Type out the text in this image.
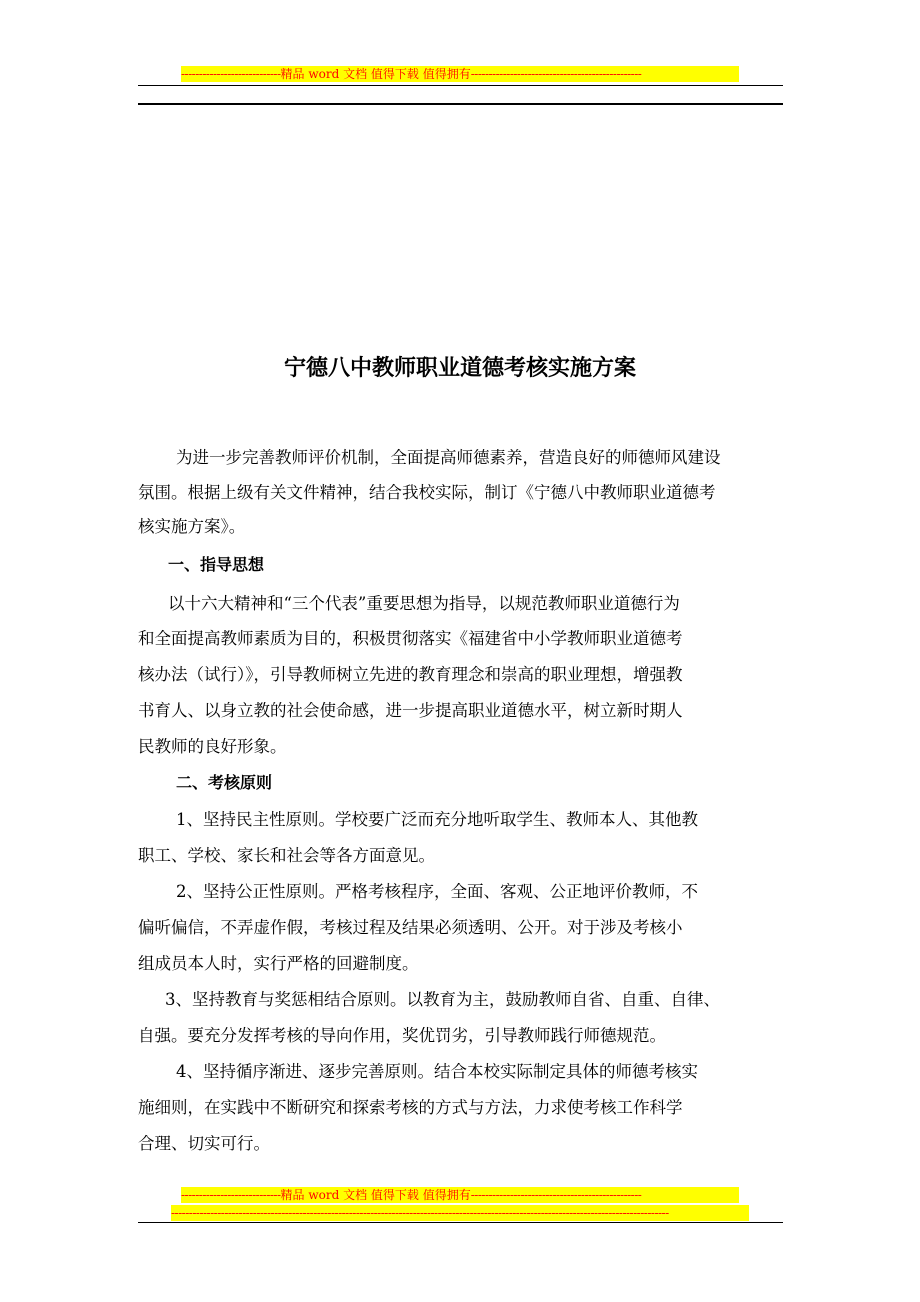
----------------------------精品 word 文档 值得下载 值得拥有------------------------------------------------
宁德八中教师职业道德考核实施方案
为进一步完善教师评价机制，全面提高师德素养，营造良好的师德师风建设
氛围。根据上级有关文件精神，结合我校实际，制订《宁德八中教师职业道德考
核实施方案》。
一、指导思想
以十六大精神和“三个代表”重要思想为指导，以规范教师职业道德行为
和全面提高教师素质为目的，积极贯彻落实《福建省中小学教师职业道德考
核办法（试行）》，引导教师树立先进的教育理念和崇高的职业理想，增强教
书育人、以身立教的社会使命感，进一步提高职业道德水平，树立新时期人
民教师的良好形象。
二、考核原则
1、坚持民主性原则。学校要广泛而充分地听取学生、教师本人、其他教
职工、学校、家长和社会等各方面意见。
2、坚持公正性原则。严格考核程序，全面、客观、公正地评价教师，不
偏听偏信，不弄虚作假，考核过程及结果必须透明、公开。对于涉及考核小
组成员本人时，实行严格的回避制度。
3、坚持教育与奖惩相结合原则。以教育为主，鼓励教师自省、自重、自律、
自强。要充分发挥考核的导向作用，奖优罚劣，引导教师践行师德规范。
4、坚持循序渐进、逐步完善原则。结合本校实际制定具体的师德考核实
施细则，在实践中不断研究和探索考核的方式与方法，力求使考核工作科学
合理、切实可行。
----------------------------精品 word 文档 值得下载 值得拥有------------------------------------------------
--------------------------------------------------------------------------------------------------------------------------------------------
